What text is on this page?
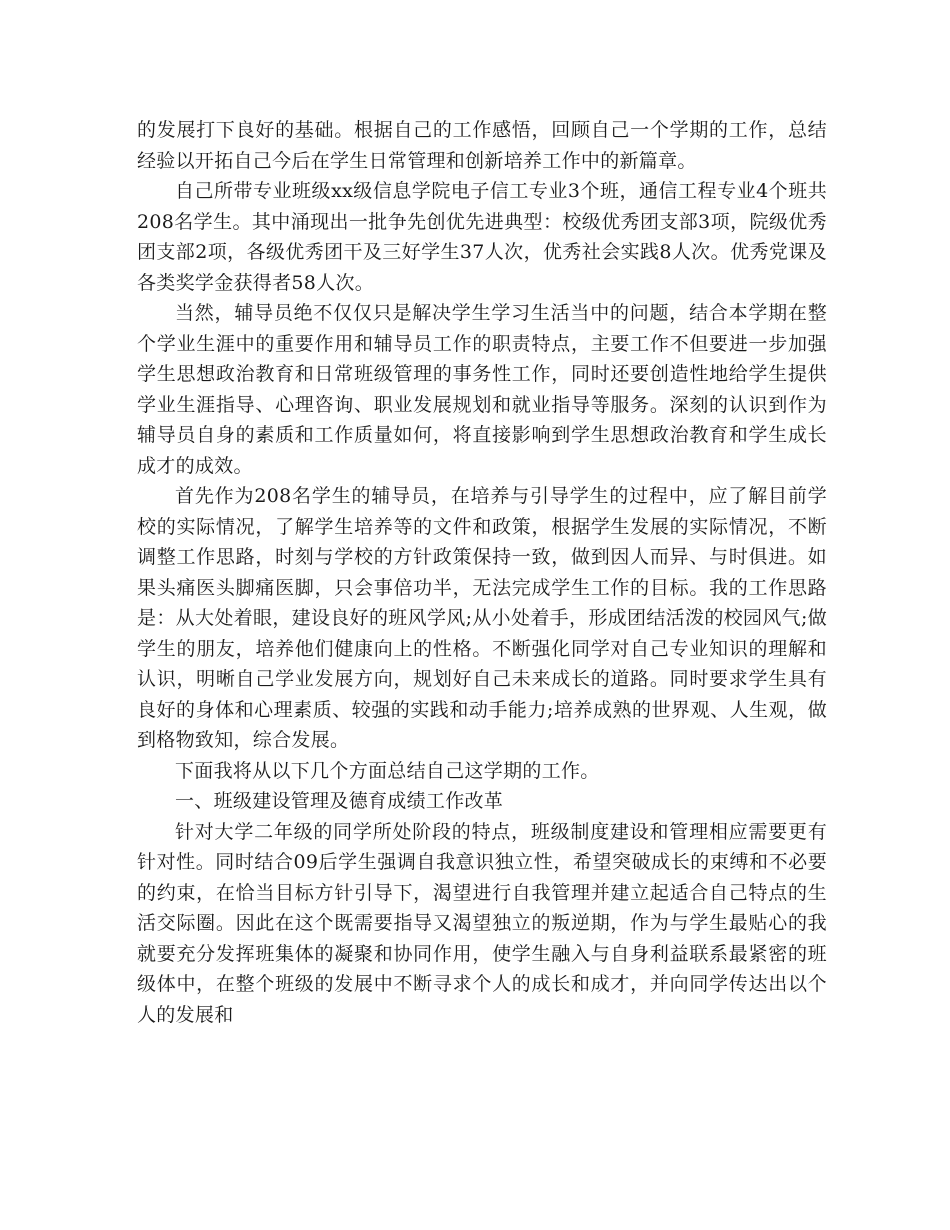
的发展打下良好的基础。根据自己的工作感悟，回顾自己一个学期的工作，总结经验以开拓自己今后在学生日常管理和创新培养工作中的新篇章。

自己所带专业班级xx级信息学院电子信工专业3个班，通信工程专业4个班共208名学生。其中涌现出一批争先创优先进典型：校级优秀团支部3项，院级优秀团支部2项，各级优秀团干及三好学生37人次，优秀社会实践8人次。优秀党课及各类奖学金获得者58人次。

当然，辅导员绝不仅仅只是解决学生学习生活当中的问题，结合本学期在整个学业生涯中的重要作用和辅导员工作的职责特点，主要工作不但要进一步加强学生思想政治教育和日常班级管理的事务性工作，同时还要创造性地给学生提供学业生涯指导、心理咨询、职业发展规划和就业指导等服务。深刻的认识到作为辅导员自身的素质和工作质量如何，将直接影响到学生思想政治教育和学生成长成才的成效。

首先作为208名学生的辅导员，在培养与引导学生的过程中，应了解目前学校的实际情况，了解学生培养等的文件和政策，根据学生发展的实际情况，不断调整工作思路，时刻与学校的方针政策保持一致，做到因人而异、与时俱进。如果头痛医头脚痛医脚，只会事倍功半，无法完成学生工作的目标。我的工作思路是：从大处着眼，建设良好的班风学风;从小处着手，形成团结活泼的校园风气;做学生的朋友，培养他们健康向上的性格。不断强化同学对自己专业知识的理解和认识，明晰自己学业发展方向，规划好自己未来成长的道路。同时要求学生具有良好的身体和心理素质、较强的实践和动手能力;培养成熟的世界观、人生观，做到格物致知，综合发展。

下面我将从以下几个方面总结自己这学期的工作。

一、班级建设管理及德育成绩工作改革

针对大学二年级的同学所处阶段的特点，班级制度建设和管理相应需要更有针对性。同时结合09后学生强调自我意识独立性，希望突破成长的束缚和不必要的约束，在恰当目标方针引导下，渴望进行自我管理并建立起适合自己特点的生活交际圈。因此在这个既需要指导又渴望独立的叛逆期，作为与学生最贴心的我就要充分发挥班集体的凝聚和协同作用，使学生融入与自身利益联系最紧密的班级体中，在整个班级的发展中不断寻求个人的成长和成才，并向同学传达出以个人的发展和
